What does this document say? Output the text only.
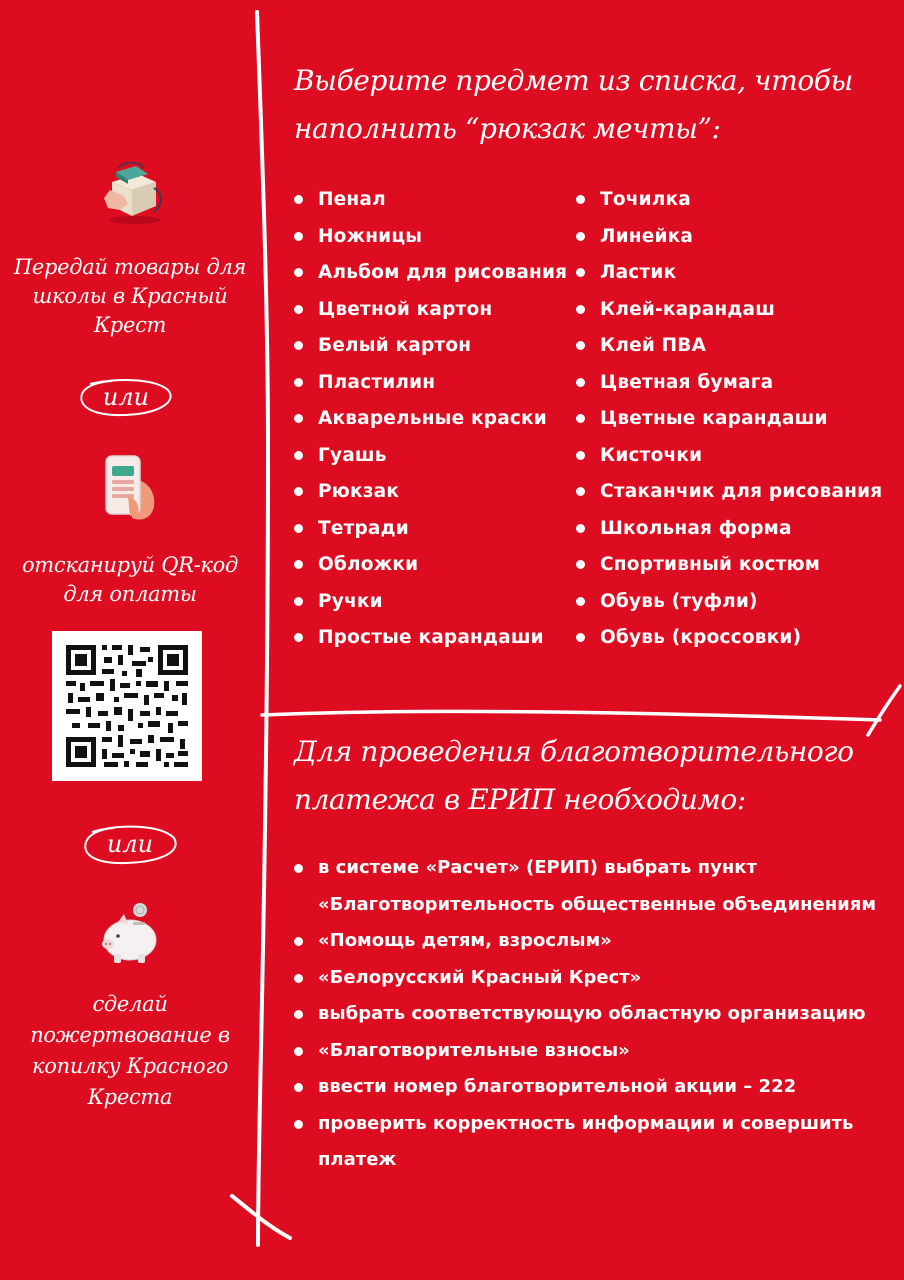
Передай товары для школы в Красный Крест
или
отсканируй QR-код для оплаты
или
сделай пожертвование в копилку Красного Креста
Выберите предмет из списка, чтобы наполнить “рюкзак мечты”:
Пенал
Ножницы
Альбом для рисования
Цветной картон
Белый картон
Пластилин
Акварельные краски
Гуашь
Рюкзак
Тетради
Обложки
Ручки
Простые карандаши
Точилка
Линейка
Ластик
Клей-карандаш
Клей ПВА
Цветная бумага
Цветные карандаши
Кисточки
Стаканчик для рисования
Школьная форма
Спортивный костюм
Обувь (туфли)
Обувь (кроссовки)
Для проведения благотворительного платежа в ЕРИП необходимо:
в системе «Расчет» (ЕРИП) выбрать пункт «Благотворительность общественные объединениям
«Помощь детям, взрослым»
«Белорусский Красный Крест»
выбрать соответствующую областную организацию
«Благотворительные взносы»
ввести номер благотворительной акции – 222
проверить корректность информации и совершить платеж
